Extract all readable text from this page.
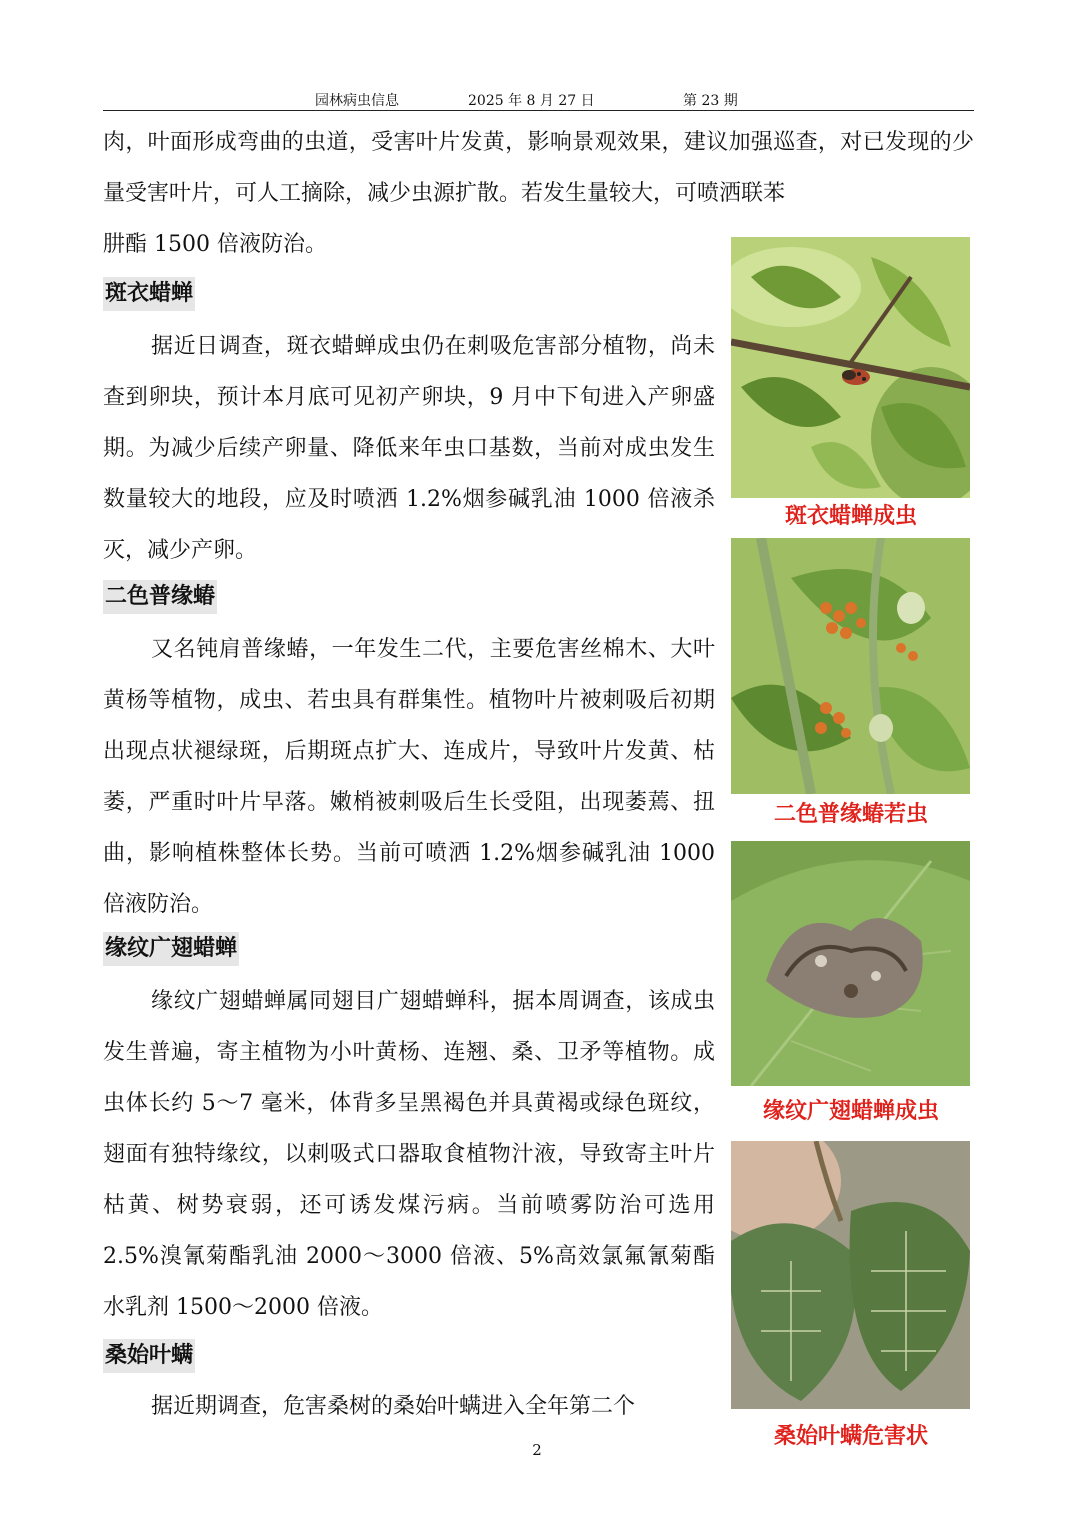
园林病虫信息	2025 年 8 月 27 日	第 23 期

肉，叶面形成弯曲的虫道，受害叶片发黄，影响景观效果，建议加强巡查，对已发现的少量受害叶片，可人工摘除，减少虫源扩散。若发生量较大，可喷洒联苯

肼酯 1500 倍液防治。

斑衣蜡蝉

据近日调查，斑衣蜡蝉成虫仍在刺吸危害部分植物，尚未查到卵块，预计本月底可见初产卵块，9 月中下旬进入产卵盛期。为减少后续产卵量、降低来年虫口基数，当前对成虫发生数量较大的地段，应及时喷洒 1.2%烟参碱乳油 1000 倍液杀灭，减少产卵。

二色普缘蝽

又名钝肩普缘蝽，一年发生二代，主要危害丝棉木、大叶黄杨等植物，成虫、若虫具有群集性。植物叶片被刺吸后初期出现点状褪绿斑，后期斑点扩大、连成片，导致叶片发黄、枯萎，严重时叶片早落。嫩梢被刺吸后生长受阻，出现萎蔫、扭曲，影响植株整体长势。当前可喷洒 1.2%烟参碱乳油 1000 倍液防治。

缘纹广翅蜡蝉

缘纹广翅蜡蝉属同翅目广翅蜡蝉科，据本周调查，该成虫发生普遍，寄主植物为小叶黄杨、连翘、桑、卫矛等植物。成虫体长约 5～7 毫米，体背多呈黑褐色并具黄褐或绿色斑纹，翅面有独特缘纹，以刺吸式口器取食植物汁液，导致寄主叶片枯黄、树势衰弱，还可诱发煤污病。当前喷雾防治可选用 2.5%溴氰菊酯乳油 2000～3000 倍液、5%高效氯氟氰菊酯水乳剂 1500～2000 倍液。

桑始叶螨

据近期调查，危害桑树的桑始叶螨进入全年第二个

斑衣蜡蝉成虫
二色普缘蝽若虫
缘纹广翅蜡蝉成虫
桑始叶螨危害状
2
